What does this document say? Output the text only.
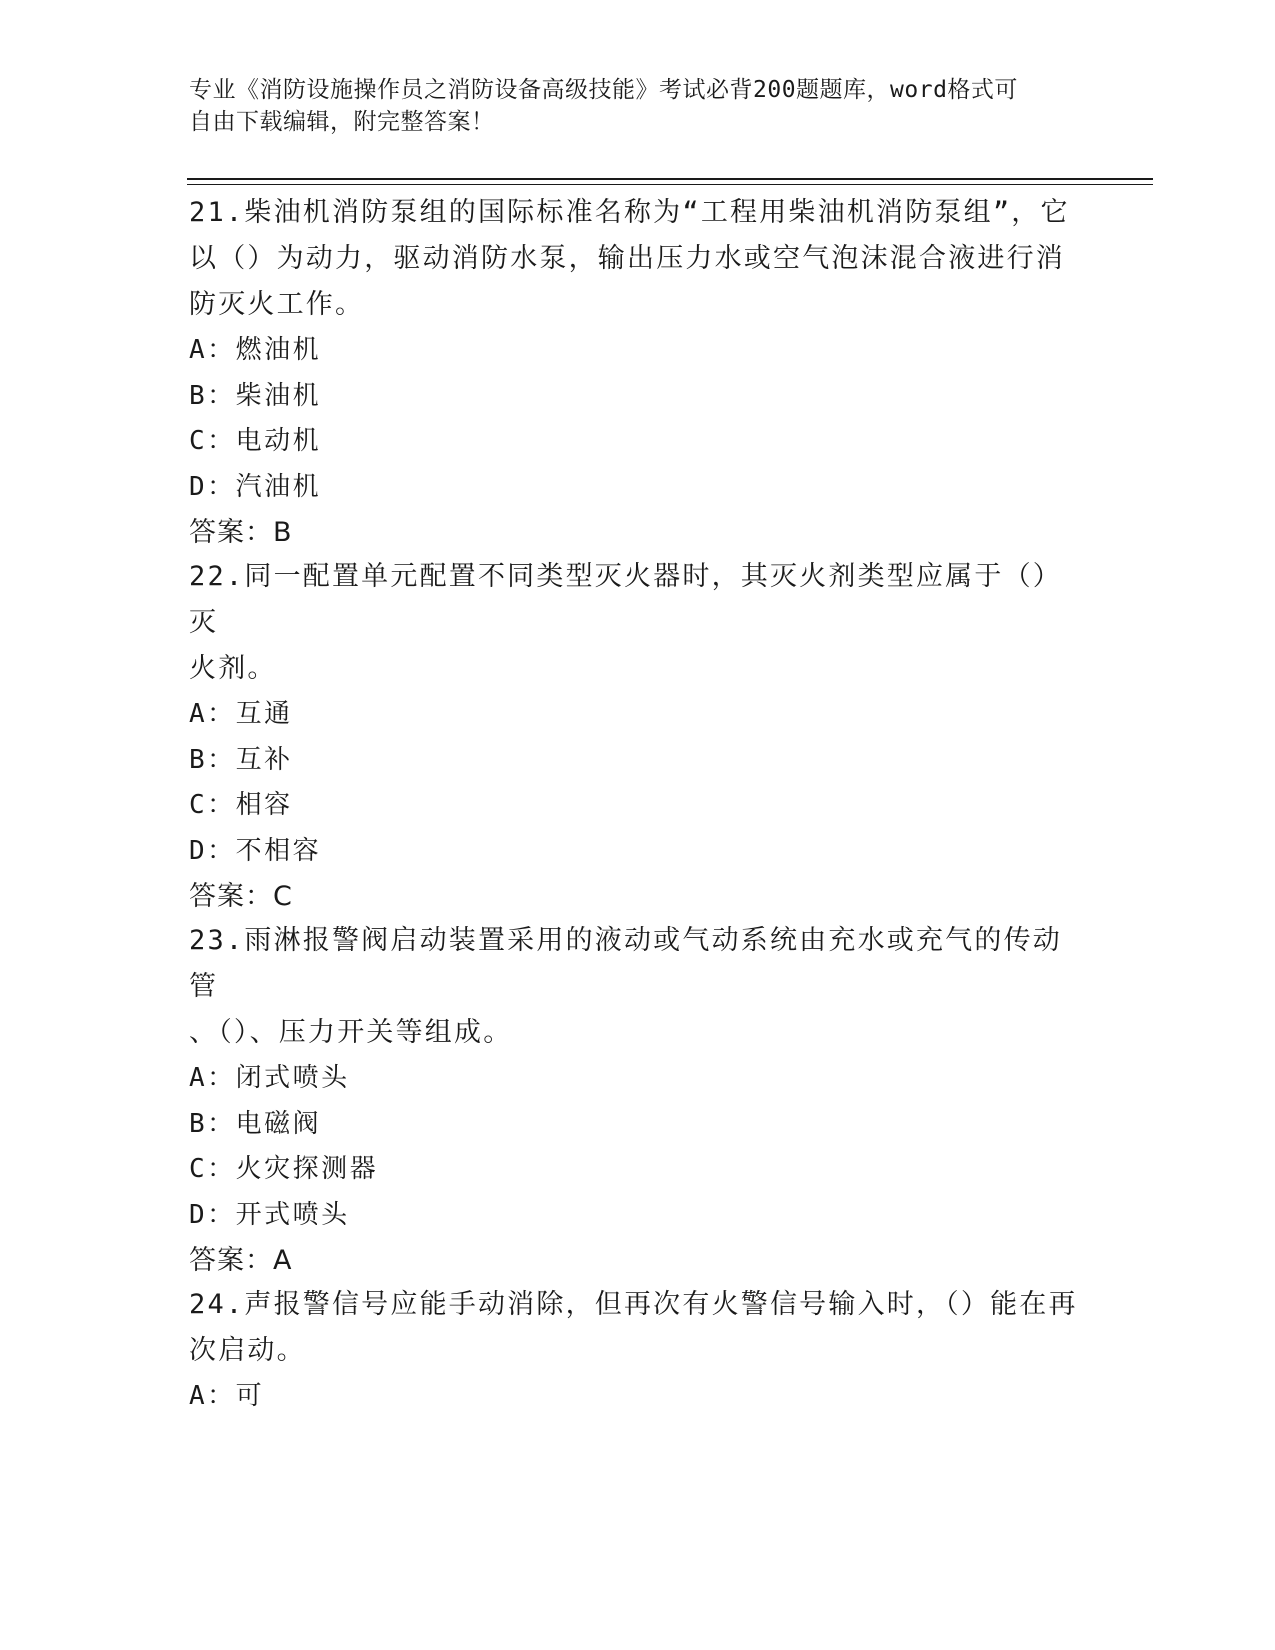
专业《消防设施操作员之消防设备高级技能》考试必背200题题库，word格式可
自由下载编辑，附完整答案！
21.柴油机消防泵组的国际标准名称为“工程用柴油机消防泵组”，它
以（）为动力，驱动消防水泵，输出压力水或空气泡沫混合液进行消
防灭火工作。
A：燃油机
B：柴油机
C：电动机
D：汽油机
答案：B
22.同一配置单元配置不同类型灭火器时，其灭火剂类型应属于（）灭
火剂。
A：互通
B：互补
C：相容
D：不相容
答案：C
23.雨淋报警阀启动装置采用的液动或气动系统由充水或充气的传动管
、（）、压力开关等组成。
A：闭式喷头
B：电磁阀
C：火灾探测器
D：开式喷头
答案：A
24.声报警信号应能手动消除，但再次有火警信号输入时，（）能在再
次启动。
A：可
